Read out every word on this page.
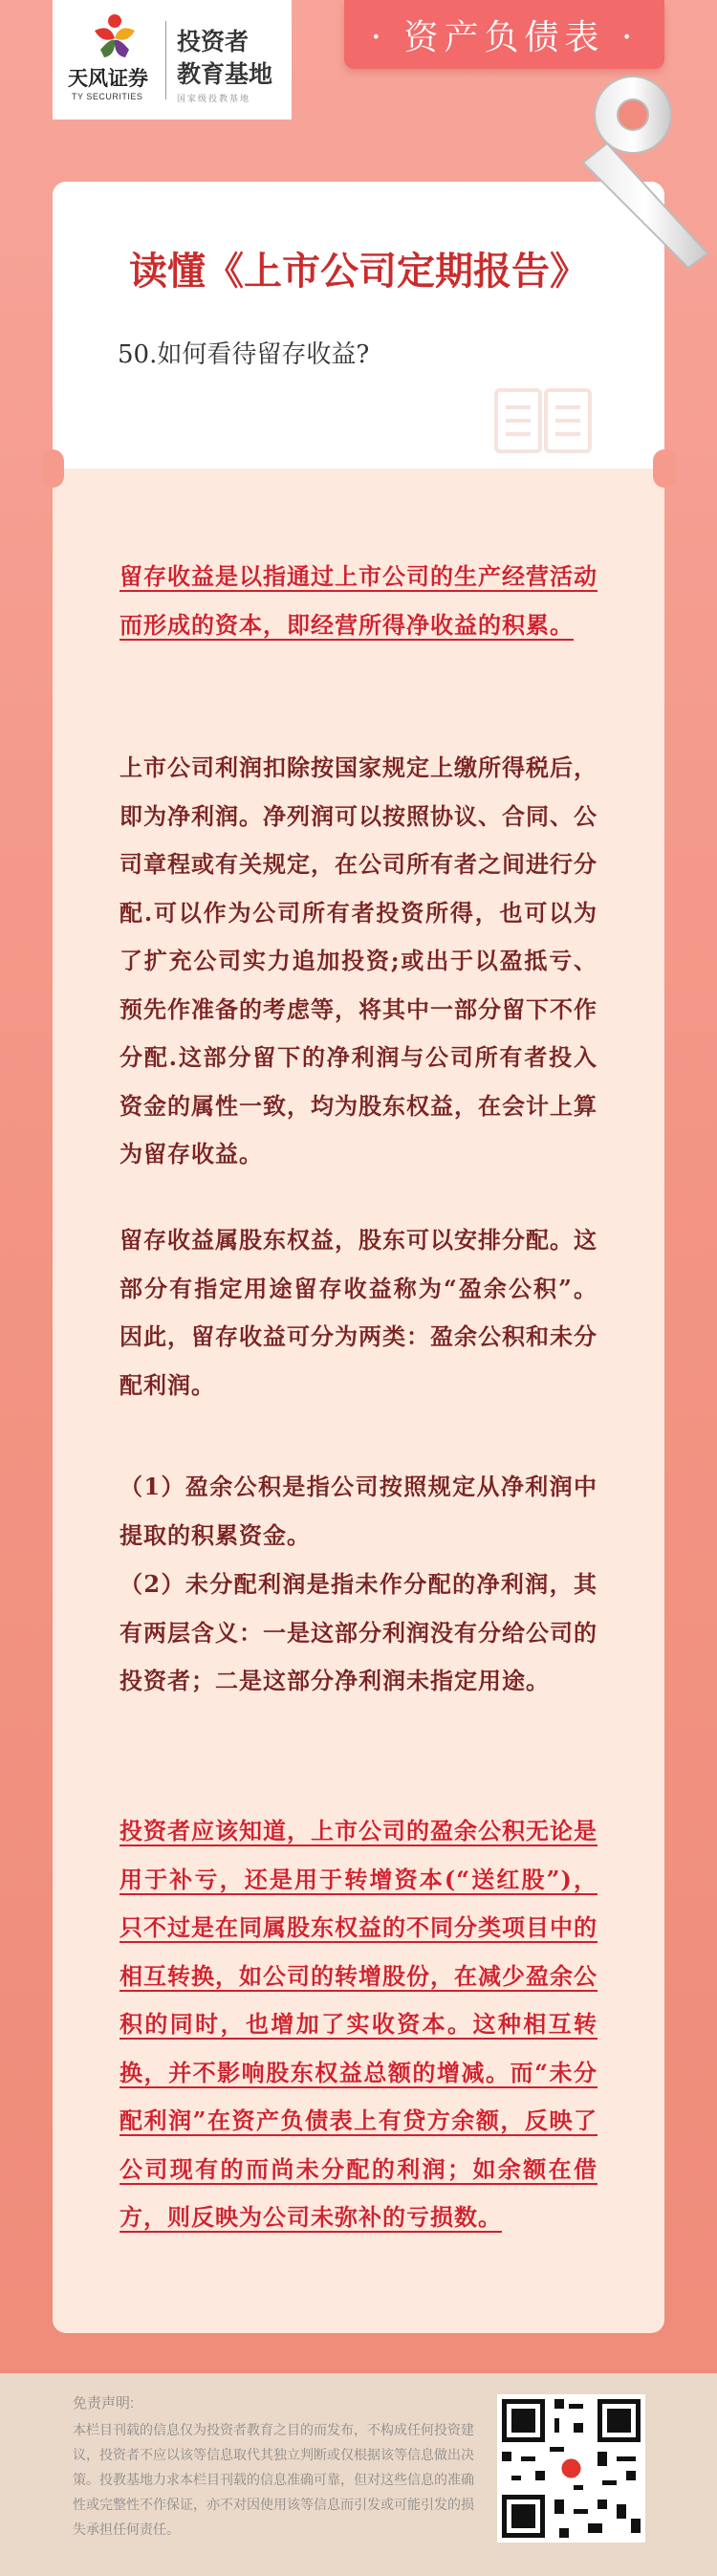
天风证券
TY SECURITIES
投资者
教育基地
国家级投教基地
· 资产负债表 ·
读懂《上市公司定期报告》
50.如何看待留存收益?
留存收益是以指通过上市公司的生产经营活动而形成的资本，即经营所得净收益的积累。
上市公司利润扣除按国家规定上缴所得税后，即为净利润。净列润可以按照协议、合同、公司章程或有关规定，在公司所有者之间进行分配.可以作为公司所有者投资所得，也可以为了扩充公司实力追加投资;或出于以盈抵亏、预先作准备的考虑等，将其中一部分留下不作分配.这部分留下的净利润与公司所有者投入资金的属性一致，均为股东权益，在会计上算为留存收益。
留存收益属股东权益，股东可以安排分配。这部分有指定用途留存收益称为“盈余公积”。因此，留存收益可分为两类：盈余公积和未分配利润。
（1）盈余公积是指公司按照规定从净利润中提取的积累资金。
（2）未分配利润是指未作分配的净利润，其有两层含义：一是这部分利润没有分给公司的投资者；二是这部分净利润未指定用途。
投资者应该知道，上市公司的盈余公积无论是用于补亏，还是用于转增资本(“送红股”)，只不过是在同属股东权益的不同分类项目中的相互转换，如公司的转增股份，在减少盈余公积的同时，也增加了实收资本。这种相互转换，并不影响股东权益总额的增减。而“未分配利润”在资产负债表上有贷方余额，反映了公司现有的而尚未分配的利润；如余额在借方，则反映为公司未弥补的亏损数。
免责声明:
本栏目刊载的信息仅为投资者教育之目的而发布，不构成任何投资建议，投资者不应以该等信息取代其独立判断或仅根据该等信息做出决策。投教基地力求本栏目刊载的信息准确可靠，但对这些信息的准确性或完整性不作保证，亦不对因使用该等信息而引发或可能引发的损失承担任何责任。
